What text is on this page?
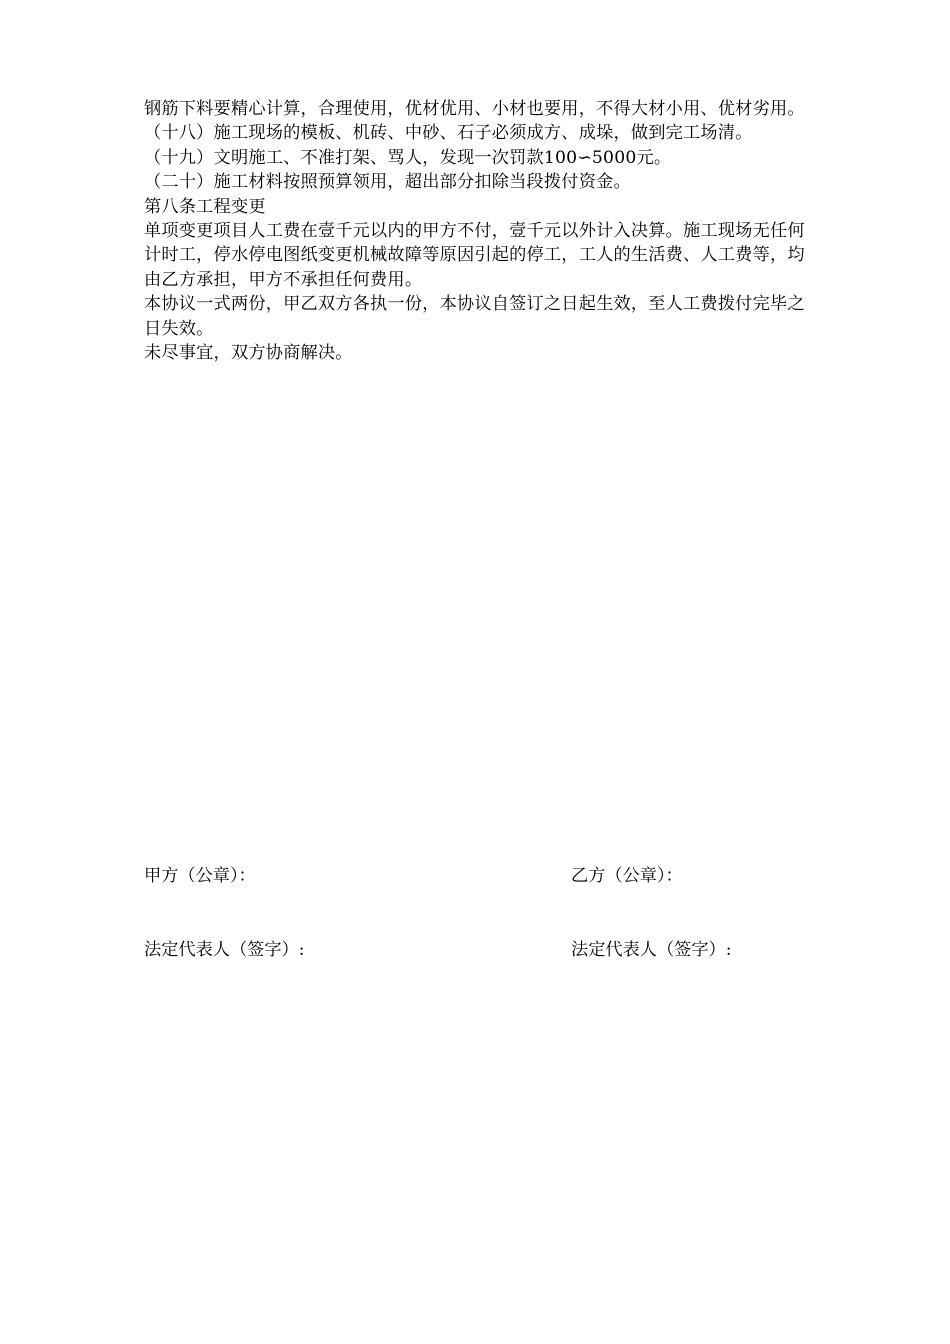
钢筋下料要精心计算，合理使用，优材优用、小材也要用，不得大材小用、优材劣用。

（十八）施工现场的模板、机砖、中砂、石子必须成方、成垛，做到完工场清。

（十九）文明施工、不准打架、骂人，发现一次罚款100∽5000元。

（二十）施工材料按照预算领用，超出部分扣除当段拨付资金。

第八条工程变更

单项变更项目人工费在壹千元以内的甲方不付，壹千元以外计入决算。施工现场无任何计时工，停水停电图纸变更机械故障等原因引起的停工，工人的生活费、人工费等，均由乙方承担，甲方不承担任何费用。

本协议一式两份，甲乙双方各执一份，本协议自签订之日起生效，至人工费拨付完毕之日失效。

未尽事宜，双方协商解决。

甲方（公章）：	乙方（公章）：

法定代表人（签字）:	法定代表人（签字）:
